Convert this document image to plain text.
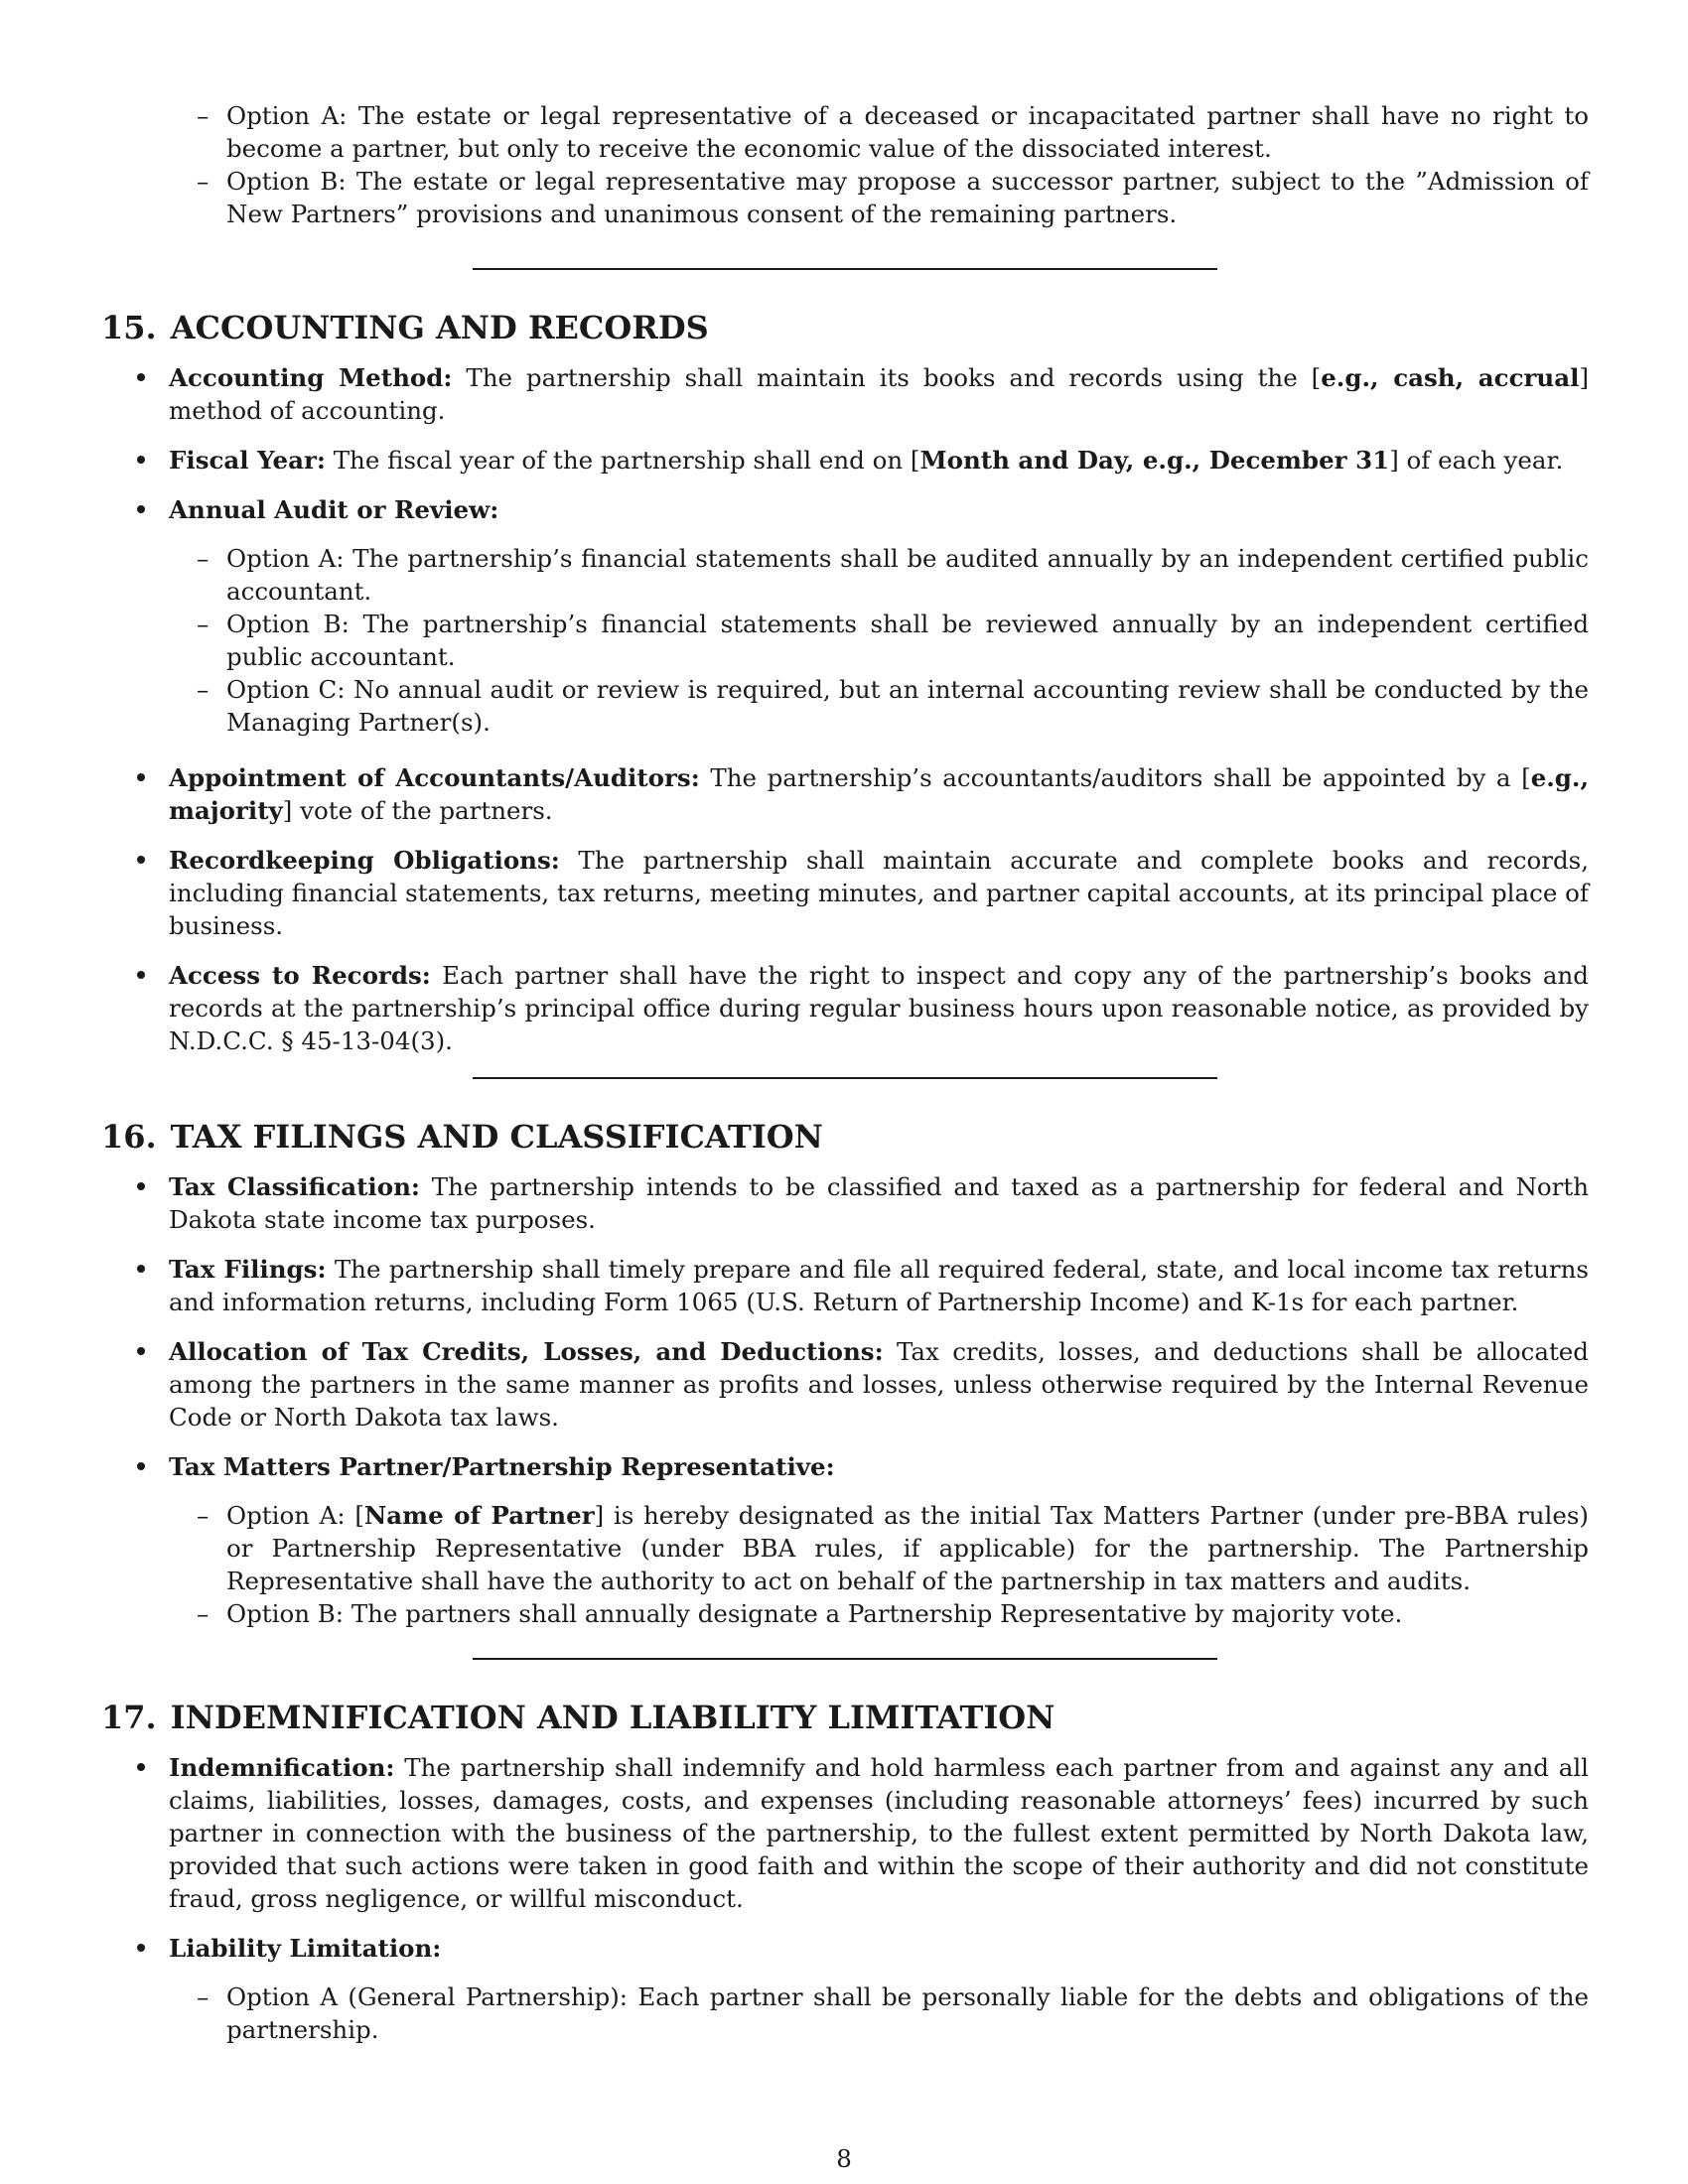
– Option A: The estate or legal representative of a deceased or incapacitated partner shall have no right to become a partner, but only to receive the economic value of the dissociated interest.
– Option B: The estate or legal representative may propose a successor partner, subject to the ”Admission of New Partners” provisions and unanimous consent of the remaining partners.
15. ACCOUNTING AND RECORDS

Accounting Method: The partnership shall maintain its books and records using the [e.g., cash, accrual] method of accounting.

Fiscal Year: The fiscal year of the partnership shall end on [Month and Day, e.g., December 31] of each year.

Annual Audit or Review:

– Option A: The partnership’s financial statements shall be audited annually by an independent certified public accountant.
– Option B: The partnership’s financial statements shall be reviewed annually by an independent certified public accountant.
– Option C: No annual audit or review is required, but an internal accounting review shall be conducted by the Managing Partner(s).

Appointment of Accountants/Auditors: The partnership’s accountants/auditors shall be appointed by a [e.g., majority] vote of the partners.

Recordkeeping Obligations: The partnership shall maintain accurate and complete books and records, including financial statements, tax returns, meeting minutes, and partner capital accounts, at its principal place of business.

Access to Records: Each partner shall have the right to inspect and copy any of the partnership’s books and records at the partnership’s principal office during regular business hours upon reasonable notice, as provided by N.D.C.C. § 45-13-04(3).

16. TAX FILINGS AND CLASSIFICATION

Tax Classification: The partnership intends to be classified and taxed as a partnership for federal and North Dakota state income tax purposes.

Tax Filings: The partnership shall timely prepare and file all required federal, state, and local income tax returns and information returns, including Form 1065 (U.S. Return of Partnership Income) and K-1s for each partner.

Allocation of Tax Credits, Losses, and Deductions: Tax credits, losses, and deductions shall be allocated among the partners in the same manner as profits and losses, unless otherwise required by the Internal Revenue Code or North Dakota tax laws.

Tax Matters Partner/Partnership Representative:

– Option A: [Name of Partner] is hereby designated as the initial Tax Matters Partner (under pre-BBA rules) or Partnership Representative (under BBA rules, if applicable) for the partnership. The Partnership Representative shall have the authority to act on behalf of the partnership in tax matters and audits.
– Option B: The partners shall annually designate a Partnership Representative by majority vote.
17. INDEMNIFICATION AND LIABILITY LIMITATION

Indemnification: The partnership shall indemnify and hold harmless each partner from and against any and all claims, liabilities, losses, damages, costs, and expenses (including reasonable attorneys’ fees) incurred by such partner in connection with the business of the partnership, to the fullest extent permitted by North Dakota law, provided that such actions were taken in good faith and within the scope of their authority and did not constitute fraud, gross negligence, or willful misconduct.

Liability Limitation:

– Option A (General Partnership): Each partner shall be personally liable for the debts and obligations of the partnership.
8
